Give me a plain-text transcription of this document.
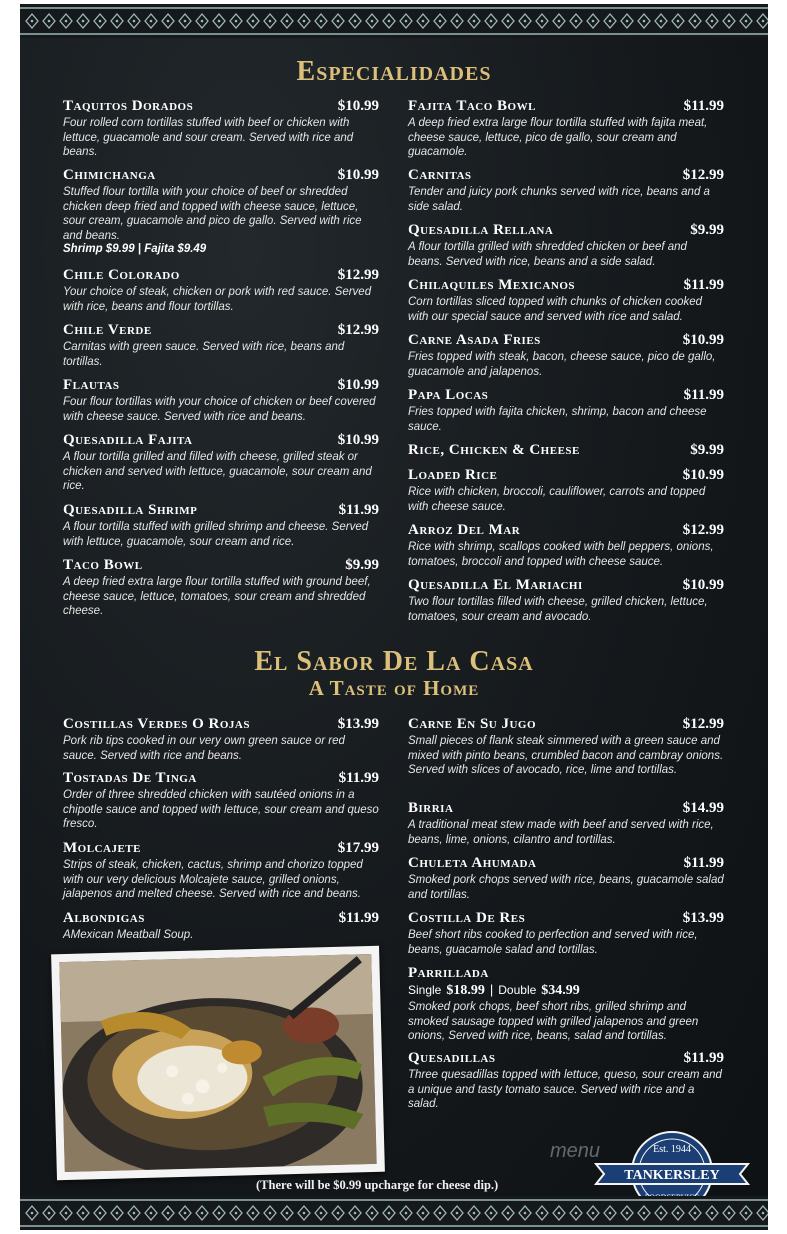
Especialidades
Taquitos Dorados	$10.99
Four rolled corn tortillas stuffed with beef or chicken with lettuce, guacamole and sour cream. Served with rice and beans.
Chimichanga	$10.99
Stuffed flour tortilla with your choice of beef or shredded chicken deep fried and topped with cheese sauce, lettuce, sour cream, guacamole and pico de gallo. Served with rice and beans.
Shrimp $9.99 | Fajita $9.49
Chile Colorado	$12.99
Your choice of steak, chicken or pork with red sauce. Served with rice, beans and flour tortillas.
Chile Verde	$12.99
Carnitas with green sauce. Served with rice, beans and tortillas.
Flautas	$10.99
Four flour tortillas with your choice of chicken or beef covered with cheese sauce. Served with rice and beans.
Quesadilla Fajita	$10.99
A flour tortilla grilled and filled with cheese, grilled steak or chicken and served with lettuce, guacamole, sour cream and rice.
Quesadilla Shrimp	$11.99
A flour tortilla stuffed with grilled shrimp and cheese. Served with lettuce, guacamole, sour cream and rice.
Taco Bowl	$9.99
A deep fried extra large flour tortilla stuffed with ground beef, cheese sauce, lettuce, tomatoes, sour cream and shredded cheese.
Fajita Taco Bowl	$11.99
A deep fried extra large flour tortilla stuffed with fajita meat, cheese sauce, lettuce, pico de gallo, sour cream and guacamole.
Carnitas	$12.99
Tender and juicy pork chunks served with rice, beans and a side salad.
Quesadilla Rellana	$9.99
A flour tortilla grilled with shredded chicken or beef and beans. Served with rice, beans and a side salad.
Chilaquiles Mexicanos	$11.99
Corn tortillas sliced topped with chunks of chicken cooked with our special sauce and served with rice and salad.
Carne Asada Fries	$10.99
Fries topped with steak, bacon, cheese sauce, pico de gallo, guacamole and jalapenos.
Papa Locas	$11.99
Fries topped with fajita chicken, shrimp, bacon and cheese sauce.
Rice, Chicken & Cheese	$9.99
Loaded Rice	$10.99
Rice with chicken, broccoli, cauliflower, carrots and topped with cheese sauce.
Arroz Del Mar	$12.99
Rice with shrimp, scallops cooked with bell peppers, onions, tomatoes, broccoli and topped with cheese sauce.
Quesadilla El Mariachi	$10.99
Two flour tortillas filled with cheese, grilled chicken, lettuce, tomatoes, sour cream and avocado.
El Sabor De La Casa
A Taste of Home
Costillas Verdes O Rojas	$13.99
Pork rib tips cooked in our very own green sauce or red sauce. Served with rice and beans.
Tostadas De Tinga	$11.99
Order of three shredded chicken with sautéed onions in a chipotle sauce and topped with lettuce, sour cream and queso fresco.
Molcajete	$17.99
Strips of steak, chicken, cactus, shrimp and chorizo topped with our very delicious Molcajete sauce, grilled onions, jalapenos and melted cheese. Served with rice and beans.
Albondigas	$11.99
AMexican Meatball Soup.
Carne En Su Jugo	$12.99
Small pieces of flank steak simmered with a green sauce and mixed with pinto beans, crumbled bacon and cambray onions. Served with slices of avocado, rice, lime and tortillas.
Birria	$14.99
A traditional meat stew made with beef and served with rice, beans, lime, onions, cilantro and tortillas.
Chuleta Ahumada	$11.99
Smoked pork chops served with rice, beans, guacamole salad and tortillas.
Costilla De Res	$13.99
Beef short ribs cooked to perfection and served with rice, beans, guacamole salad and tortillas.
Parrillada
Single $18.99 | Double $34.99
Smoked pork chops, beef short ribs, grilled shrimp and smoked sausage topped with grilled jalapenos and green onions, Served with rice, beans, salad and tortillas.
Quesadillas	$11.99
Three quesadillas topped with lettuce, queso, sour cream and a unique and tasty tomato sauce. Served with rice and a salad.
(There will be $0.99 upcharge for cheese dip.)
menu	Est. 1944
TANKERSLEY
